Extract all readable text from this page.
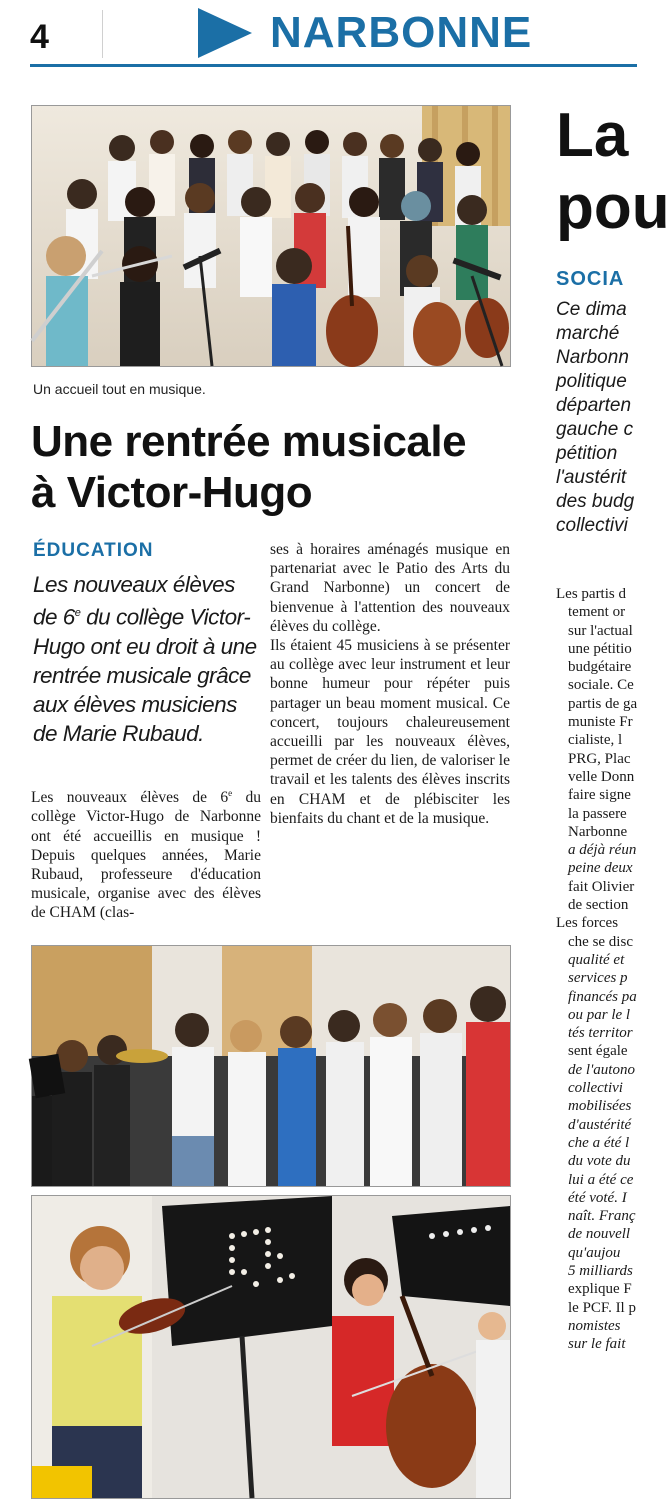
4	NARBONNE
Un accueil tout en musique.
Une rentrée musicale
à Victor-Hugo
ÉDUCATION
Les nouveaux élèves de 6e du collège Victor-Hugo ont eu droit à une rentrée musicale grâce aux élèves musiciens de Marie Rubaud.
Les nouveaux élèves de 6e du collège Victor-Hugo de Narbonne ont été accueillis en musique ! Depuis quelques années, Marie Rubaud, professeure d'éducation musicale, organise avec des élèves de CHAM (clas-
ses à horaires aménagés musique en partenariat avec le Patio des Arts du Grand Narbonne) un concert de bienvenue à l'attention des nouveaux élèves du collège.
Ils étaient 45 musiciens à se présenter au collège avec leur instrument et leur bonne humeur pour répéter puis partager un beau moment musical. Ce concert, toujours chaleureusement accueilli par les nouveaux élèves, permet de créer du lien, de valoriser le travail et les talents des élèves inscrits en CHAM et de plébisciter les bienfaits du chant et de la musique.
La
pou
SOCIA
Ce dima
marché
Narbonn
politique
départen
gauche c
pétition
l'austérit
des budg
collectivi
Les partis d
tement or
sur l'actual
une pétitio
budgétaire
sociale. Ce
partis de ga
muniste Fr
cialiste, l
PRG, Plac
velle Donn
faire signe
la passere
Narbonne
a déjà réun
peine deux
fait Olivier
de section
Les forces
che se disc
qualité et
services p
financés pa
ou par le l
tés territor
sent égale
de l'autono
collectivi
mobilisées
d'austérité
che a été l
du vote du
lui a été ce
été voté. I
naît. Franç
de nouvell
qu'aujou
5 milliards
explique F
le PCF. Il p
nomistes
sur le fait
